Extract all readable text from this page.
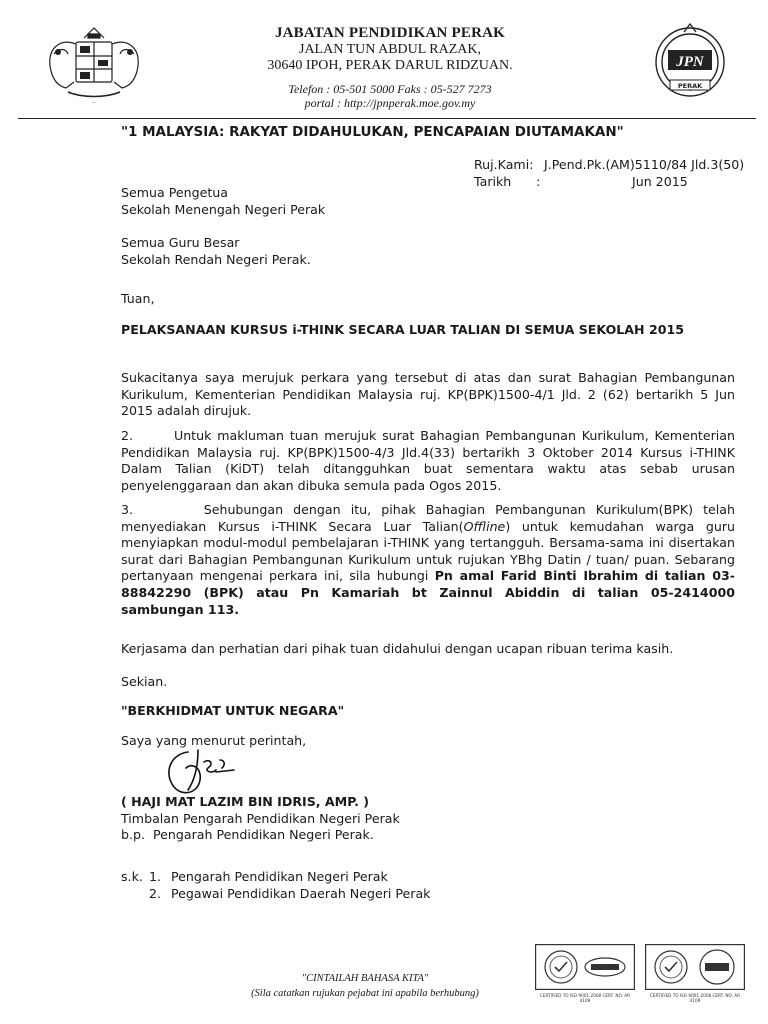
~
JABATAN PENDIDIKAN PERAK
JALAN TUN ABDUL RAZAK,
30640 IPOH, PERAK DARUL RIDZUAN.
Telefon : 05-501 5000 Faks : 05-527 7273
portal : http://jpnperak.moe.gov.my
JPN
PERAK
"1 MALAYSIA: RAKYAT DIDAHULUKAN, PENCAPAIAN DIUTAMAKAN"
Ruj.Kami: J.Pend.Pk.(AM)5110/84 Jld.3(50)
Tarikh	:	Jun 2015
Semua Pengetua
Sekolah Menengah Negeri Perak
Semua Guru Besar
Sekolah Rendah Negeri Perak.
Tuan,
PELAKSANAAN KURSUS i-THINK SECARA LUAR TALIAN DI SEMUA SEKOLAH 2015
Sukacitanya saya merujuk perkara yang tersebut di atas dan surat Bahagian Pembangunan Kurikulum, Kementerian Pendidikan Malaysia ruj. KP(BPK)1500-4/1 Jld. 2 (62) bertarikh 5 Jun 2015 adalah dirujuk.
2.       Untuk makluman tuan merujuk surat Bahagian Pembangunan Kurikulum, Kementerian Pendidikan Malaysia ruj. KP(BPK)1500-4/3 Jld.4(33) bertarikh 3 Oktober 2014 Kursus i-THINK Dalam Talian (KiDT) telah ditangguhkan buat sementara waktu atas sebab urusan penyelenggaraan dan akan dibuka semula pada Ogos 2015.
3.       Sehubungan dengan itu, pihak Bahagian Pembangunan Kurikulum(BPK) telah menyediakan Kursus i-THINK Secara Luar Talian(Offline) untuk kemudahan warga guru menyiapkan modul-modul pembelajaran i-THINK yang tertangguh. Bersama-sama ini disertakan surat dari Bahagian Pembangunan Kurikulum untuk rujukan YBhg Datin / tuan/ puan. Sebarang pertanyaan mengenai perkara ini, sila hubungi Pn amal Farid Binti Ibrahim di talian 03-88842290 (BPK) atau Pn Kamariah bt Zainnul Abiddin di talian 05-2414000 sambungan 113.
Kerjasama dan perhatian dari pihak tuan didahului dengan ucapan ribuan terima kasih.
Sekian.
"BERKHIDMAT UNTUK NEGARA"
Saya yang menurut perintah,
( HAJI MAT LAZIM BIN IDRIS, AMP. )
Timbalan Pengarah Pendidikan Negeri Perak
b.p.  Pengarah Pendidikan Negeri Perak.
s.k. 1. Pengarah Pendidikan Negeri Perak
2. Pegawai Pendidikan Daerah Negeri Perak
"CINTAILAH BAHASA KITA"
(Sila catatkan rujukan pejabat ini apabila berhubung)	CERTIFIED TO ISO 9001:2008 CERT. NO. AR 4109
CERTIFIED TO ISO 9001:2008 CERT. NO. AR 4109
